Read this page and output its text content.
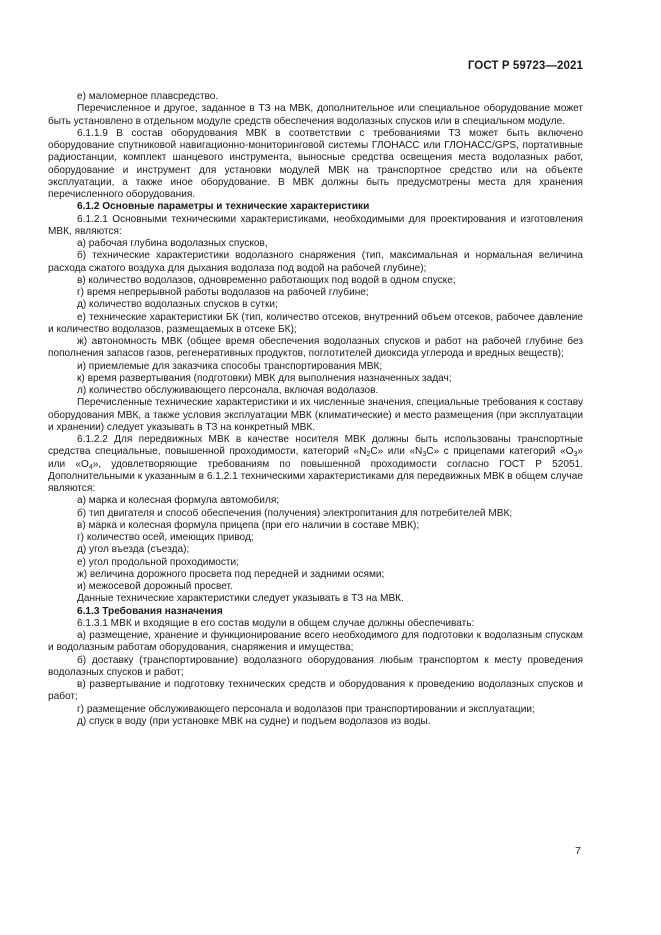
ГОСТ Р 59723—2021

е) маломерное плавсредство.

Перечисленное и другое, заданное в ТЗ на МВК, дополнительное или специальное оборудование может быть установлено в отдельном модуле средств обеспечения водолазных спусков или в специальном модуле.

6.1.1.9 В состав оборудования МВК в соответствии с требованиями ТЗ может быть включено оборудование спутниковой навигационно-мониторинговой системы ГЛОНАСС или ГЛОНАСС/GPS, портативные радиостанции, комплект шанцевого инструмента, выносные средства освещения места водолазных работ, оборудование и инструмент для установки модулей МВК на транспортное средство или на объекте эксплуатации, а также иное оборудование. В МВК должны быть предусмотрены места для хранения перечисленного оборудования.

6.1.2 Основные параметры и технические характеристики

6.1.2.1 Основными техническими характеристиками, необходимыми для проектирования и изготовления МВК, являются:

а) рабочая глубина водолазных спусков,

б) технические характеристики водолазного снаряжения (тип, максимальная и нормальная величина расхода сжатого воздуха для дыхания водолаза под водой на рабочей глубине);

в) количество водолазов, одновременно работающих под водой в одном спуске;

г) время непрерывной работы водолазов на рабочей глубине;

д) количество водолазных спусков в сутки;

е) технические характеристики БК (тип, количество отсеков, внутренний объем отсеков, рабочее давление и количество водолазов, размещаемых в отсеке БК);

ж) автономность МВК (общее время обеспечения водолазных спусков и работ на рабочей глубине без пополнения запасов газов, регенеративных продуктов, поглотителей диоксида углерода и вредных веществ);

и) приемлемые для заказчика способы транспортирования МВК;

к) время развертывания (подготовки) МВК для выполнения назначенных задач;

л) количество обслуживающего персонала, включая водолазов.

Перечисленные технические характеристики и их численные значения, специальные требования к составу оборудования МВК, а также условия эксплуатации МВК (климатические) и место размещения (при эксплуатации и хранении) следует указывать в ТЗ на конкретный МВК.

6.1.2.2 Для передвижных МВК в качестве носителя МВК должны быть использованы транспортные средства специальные, повышенной проходимости, категорий «$N_2C$» или «$N_3C$» с прицепами категорий «$O_3$» или «$O_4$», удовлетворяющие требованиям по повышенной проходимости согласно ГОСТ Р 52051. Дополнительными к указанным в 6.1.2.1 техническими характеристиками для передвижных МВК в общем случае являются:

а) марка и колесная формула автомобиля;

б) тип двигателя и способ обеспечения (получения) электропитания для потребителей МВК;

в) марка и колесная формула прицепа (при его наличии в составе МВК);

г) количество осей, имеющих привод;

д) угол въезда (съезда);

е) угол продольной проходимости;

ж) величина дорожного просвета под передней и задними осями;

и) межосевой дорожный просвет.

Данные технические характеристики следует указывать в ТЗ на МВК.

6.1.3 Требования назначения

6.1.3.1 МВК и входящие в его состав модули в общем случае должны обеспечивать:

а) размещение, хранение и функционирование всего необходимого для подготовки к водолазным спускам и водолазным работам оборудования, снаряжения и имущества;

б) доставку (транспортирование) водолазного оборудования любым транспортом к месту проведения водолазных спусков и работ;

в) развертывание и подготовку технических средств и оборудования к проведению водолазных спусков и работ;

г) размещение обслуживающего персонала и водолазов при транспортировании и эксплуатации;

д) спуск в воду (при установке МВК на судне) и подъем водолазов из воды.

7
